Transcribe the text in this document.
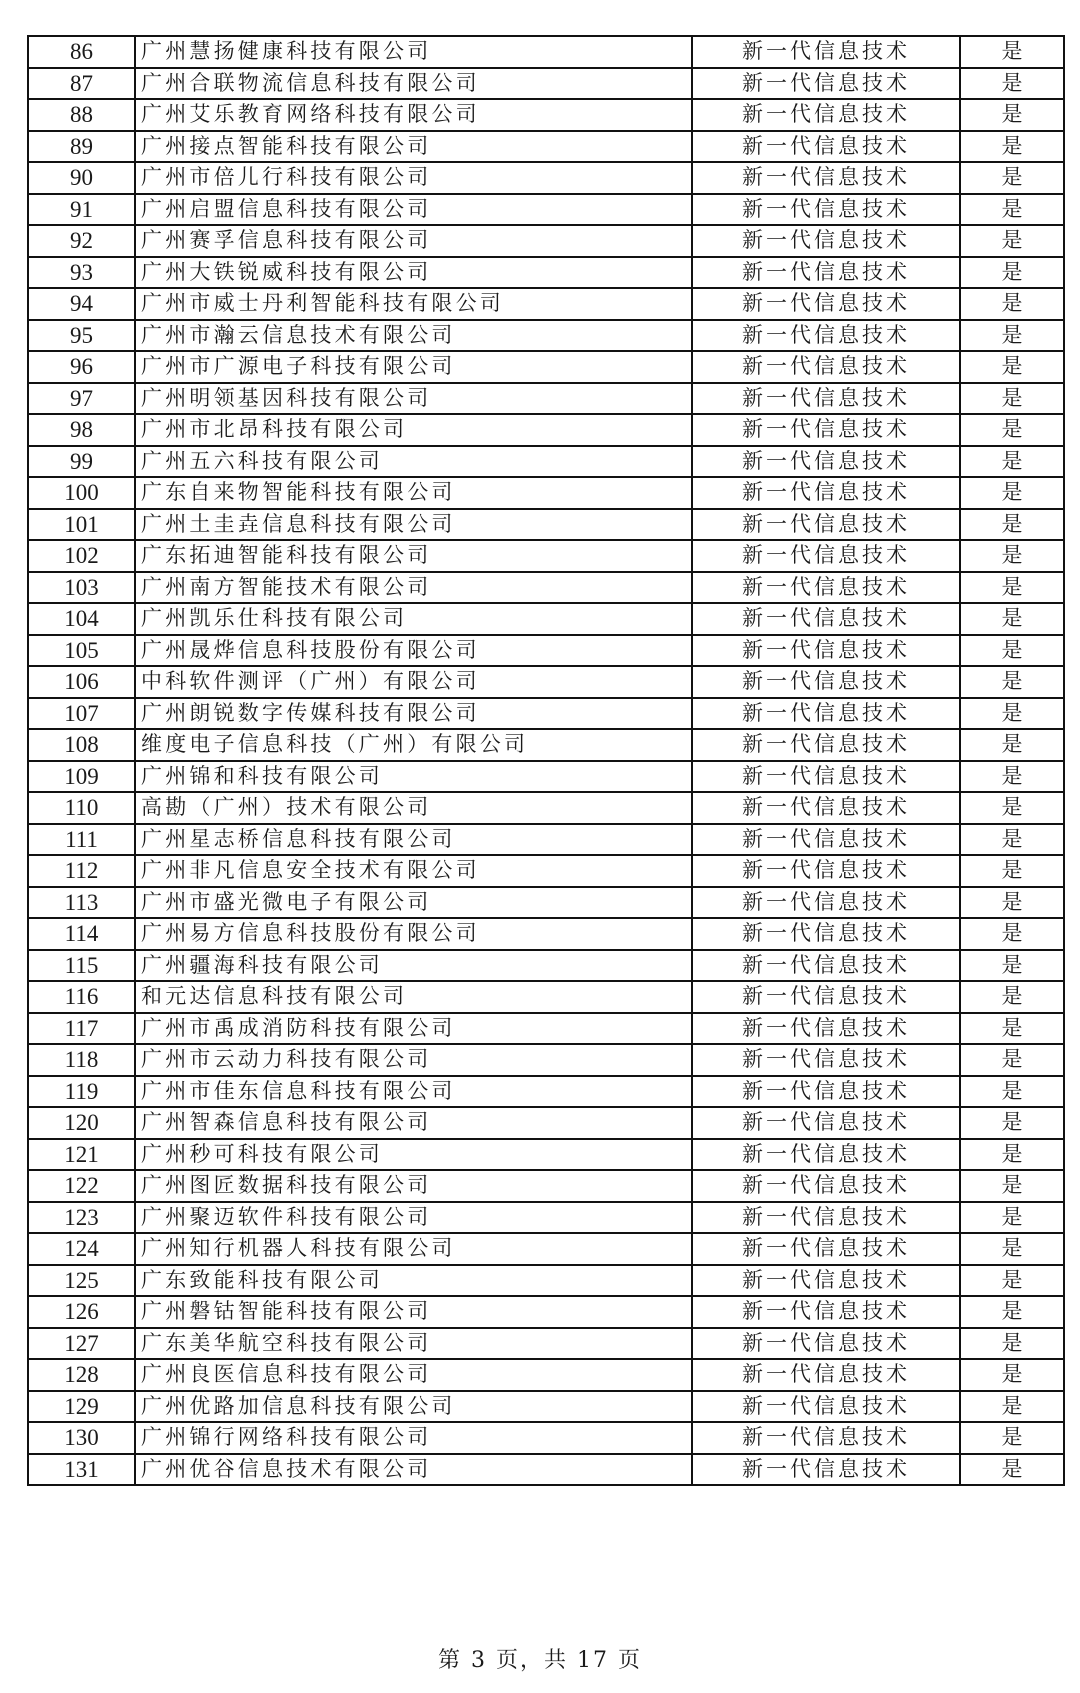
86	广州慧扬健康科技有限公司	新一代信息技术	是
87	广州合联物流信息科技有限公司	新一代信息技术	是
88	广州艾乐教育网络科技有限公司	新一代信息技术	是
89	广州接点智能科技有限公司	新一代信息技术	是
90	广州市倍儿行科技有限公司	新一代信息技术	是
91	广州启盟信息科技有限公司	新一代信息技术	是
92	广州赛孚信息科技有限公司	新一代信息技术	是
93	广州大铁锐威科技有限公司	新一代信息技术	是
94	广州市威士丹利智能科技有限公司	新一代信息技术	是
95	广州市瀚云信息技术有限公司	新一代信息技术	是
96	广州市广源电子科技有限公司	新一代信息技术	是
97	广州明领基因科技有限公司	新一代信息技术	是
98	广州市北昂科技有限公司	新一代信息技术	是
99	广州五六科技有限公司	新一代信息技术	是
100	广东自来物智能科技有限公司	新一代信息技术	是
101	广州土圭垚信息科技有限公司	新一代信息技术	是
102	广东拓迪智能科技有限公司	新一代信息技术	是
103	广州南方智能技术有限公司	新一代信息技术	是
104	广州凯乐仕科技有限公司	新一代信息技术	是
105	广州晟烨信息科技股份有限公司	新一代信息技术	是
106	中科软件测评（广州）有限公司	新一代信息技术	是
107	广州朗锐数字传媒科技有限公司	新一代信息技术	是
108	维度电子信息科技（广州）有限公司	新一代信息技术	是
109	广州锦和科技有限公司	新一代信息技术	是
110	高勘（广州）技术有限公司	新一代信息技术	是
111	广州星志桥信息科技有限公司	新一代信息技术	是
112	广州非凡信息安全技术有限公司	新一代信息技术	是
113	广州市盛光微电子有限公司	新一代信息技术	是
114	广州易方信息科技股份有限公司	新一代信息技术	是
115	广州疆海科技有限公司	新一代信息技术	是
116	和元达信息科技有限公司	新一代信息技术	是
117	广州市禹成消防科技有限公司	新一代信息技术	是
118	广州市云动力科技有限公司	新一代信息技术	是
119	广州市佳东信息科技有限公司	新一代信息技术	是
120	广州智森信息科技有限公司	新一代信息技术	是
121	广州秒可科技有限公司	新一代信息技术	是
122	广州图匠数据科技有限公司	新一代信息技术	是
123	广州聚迈软件科技有限公司	新一代信息技术	是
124	广州知行机器人科技有限公司	新一代信息技术	是
125	广东致能科技有限公司	新一代信息技术	是
126	广州磐钴智能科技有限公司	新一代信息技术	是
127	广东美华航空科技有限公司	新一代信息技术	是
128	广州良医信息科技有限公司	新一代信息技术	是
129	广州优路加信息科技有限公司	新一代信息技术	是
130	广州锦行网络科技有限公司	新一代信息技术	是
131	广州优谷信息技术有限公司	新一代信息技术	是
第 3 页，共 17 页
